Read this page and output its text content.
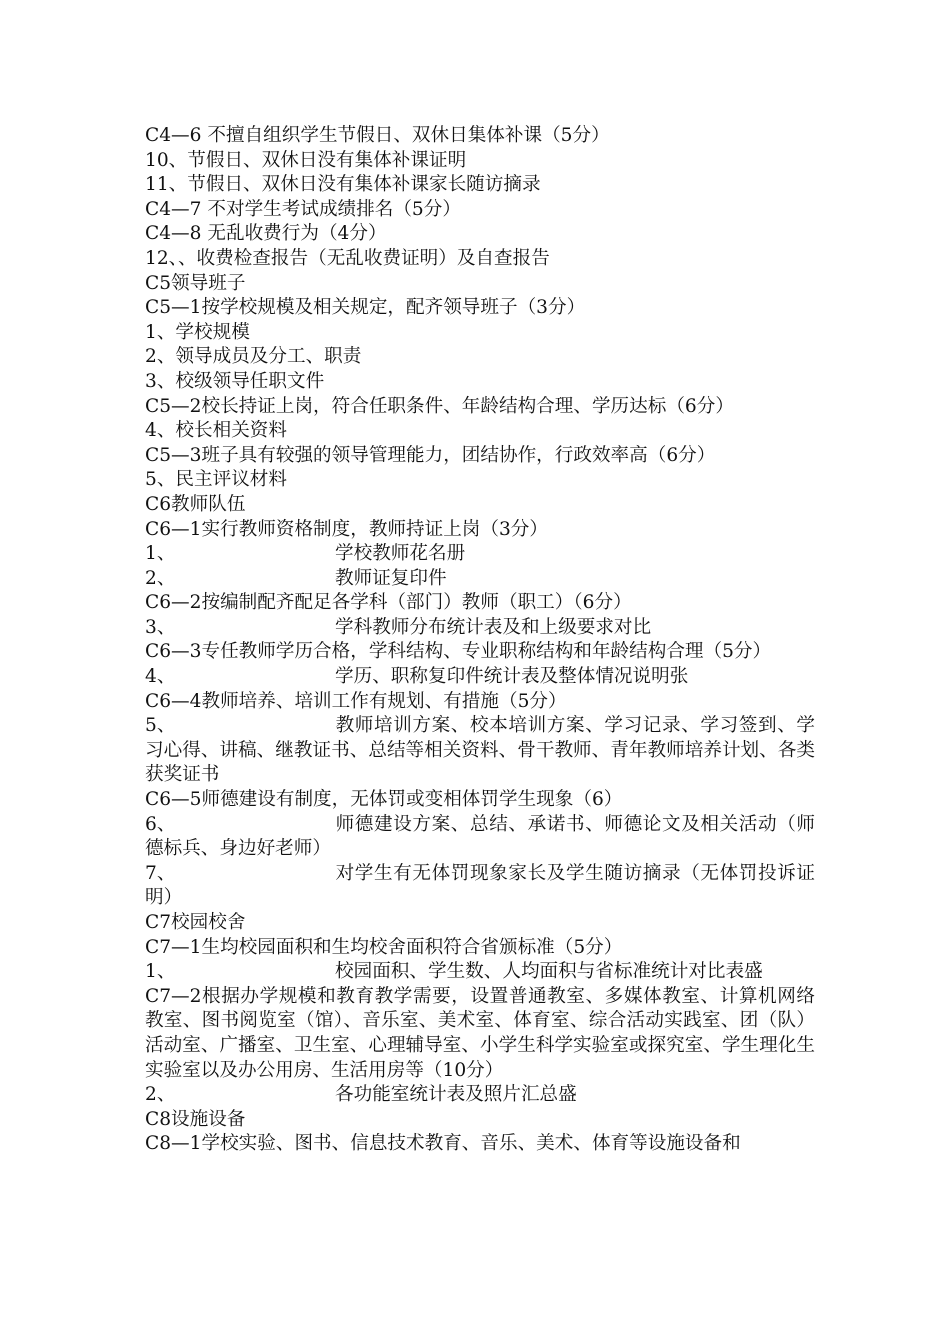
C4—6 不擅自组织学生节假日、双休日集体补课（5分）
10、节假日、双休日没有集体补课证明
11、节假日、双休日没有集体补课家长随访摘录
C4—7 不对学生考试成绩排名（5分）
C4—8 无乱收费行为（4分）
12、、收费检查报告（无乱收费证明）及自查报告
C5领导班子
C5—1按学校规模及相关规定，配齐领导班子（3分）
1、学校规模
2、领导成员及分工、职责
3、校级领导任职文件
C5—2校长持证上岗，符合任职条件、年龄结构合理、学历达标（6分）
4、校长相关资料
C5—3班子具有较强的领导管理能力，团结协作，行政效率高（6分）
5、民主评议材料
C6教师队伍
C6—1实行教师资格制度，教师持证上岗（3分）
1、	学校教师花名册
2、	教师证复印件
C6—2按编制配齐配足各学科（部门）教师（职工）（6分）
3、	学科教师分布统计表及和上级要求对比
C6—3专任教师学历合格，学科结构、专业职称结构和年龄结构合理（5分）
4、	学历、职称复印件统计表及整体情况说明张
C6—4教师培养、培训工作有规划、有措施（5分）
5、	教师培训方案、校本培训方案、学习记录、学习签到、学习心得、讲稿、继教证书、总结等相关资料、骨干教师、青年教师培养计划、各类获奖证书
C6—5师德建设有制度，无体罚或变相体罚学生现象（6）
6、	师德建设方案、总结、承诺书、师德论文及相关活动（师德标兵、身边好老师）
7、	对学生有无体罚现象家长及学生随访摘录（无体罚投诉证明）
C7校园校舍
C7—1生均校园面积和生均校舍面积符合省颁标准（5分）
1、	校园面积、学生数、人均面积与省标准统计对比表盛
C7—2根据办学规模和教育教学需要，设置普通教室、多媒体教室、计算机网络教室、图书阅览室（馆）、音乐室、美术室、体育室、综合活动实践室、团（队）活动室、广播室、卫生室、心理辅导室、小学生科学实验室或探究室、学生理化生实验室以及办公用房、生活用房等（10分）
2、	各功能室统计表及照片汇总盛
C8设施设备
C8—1学校实验、图书、信息技术教育、音乐、美术、体育等设施设备和
